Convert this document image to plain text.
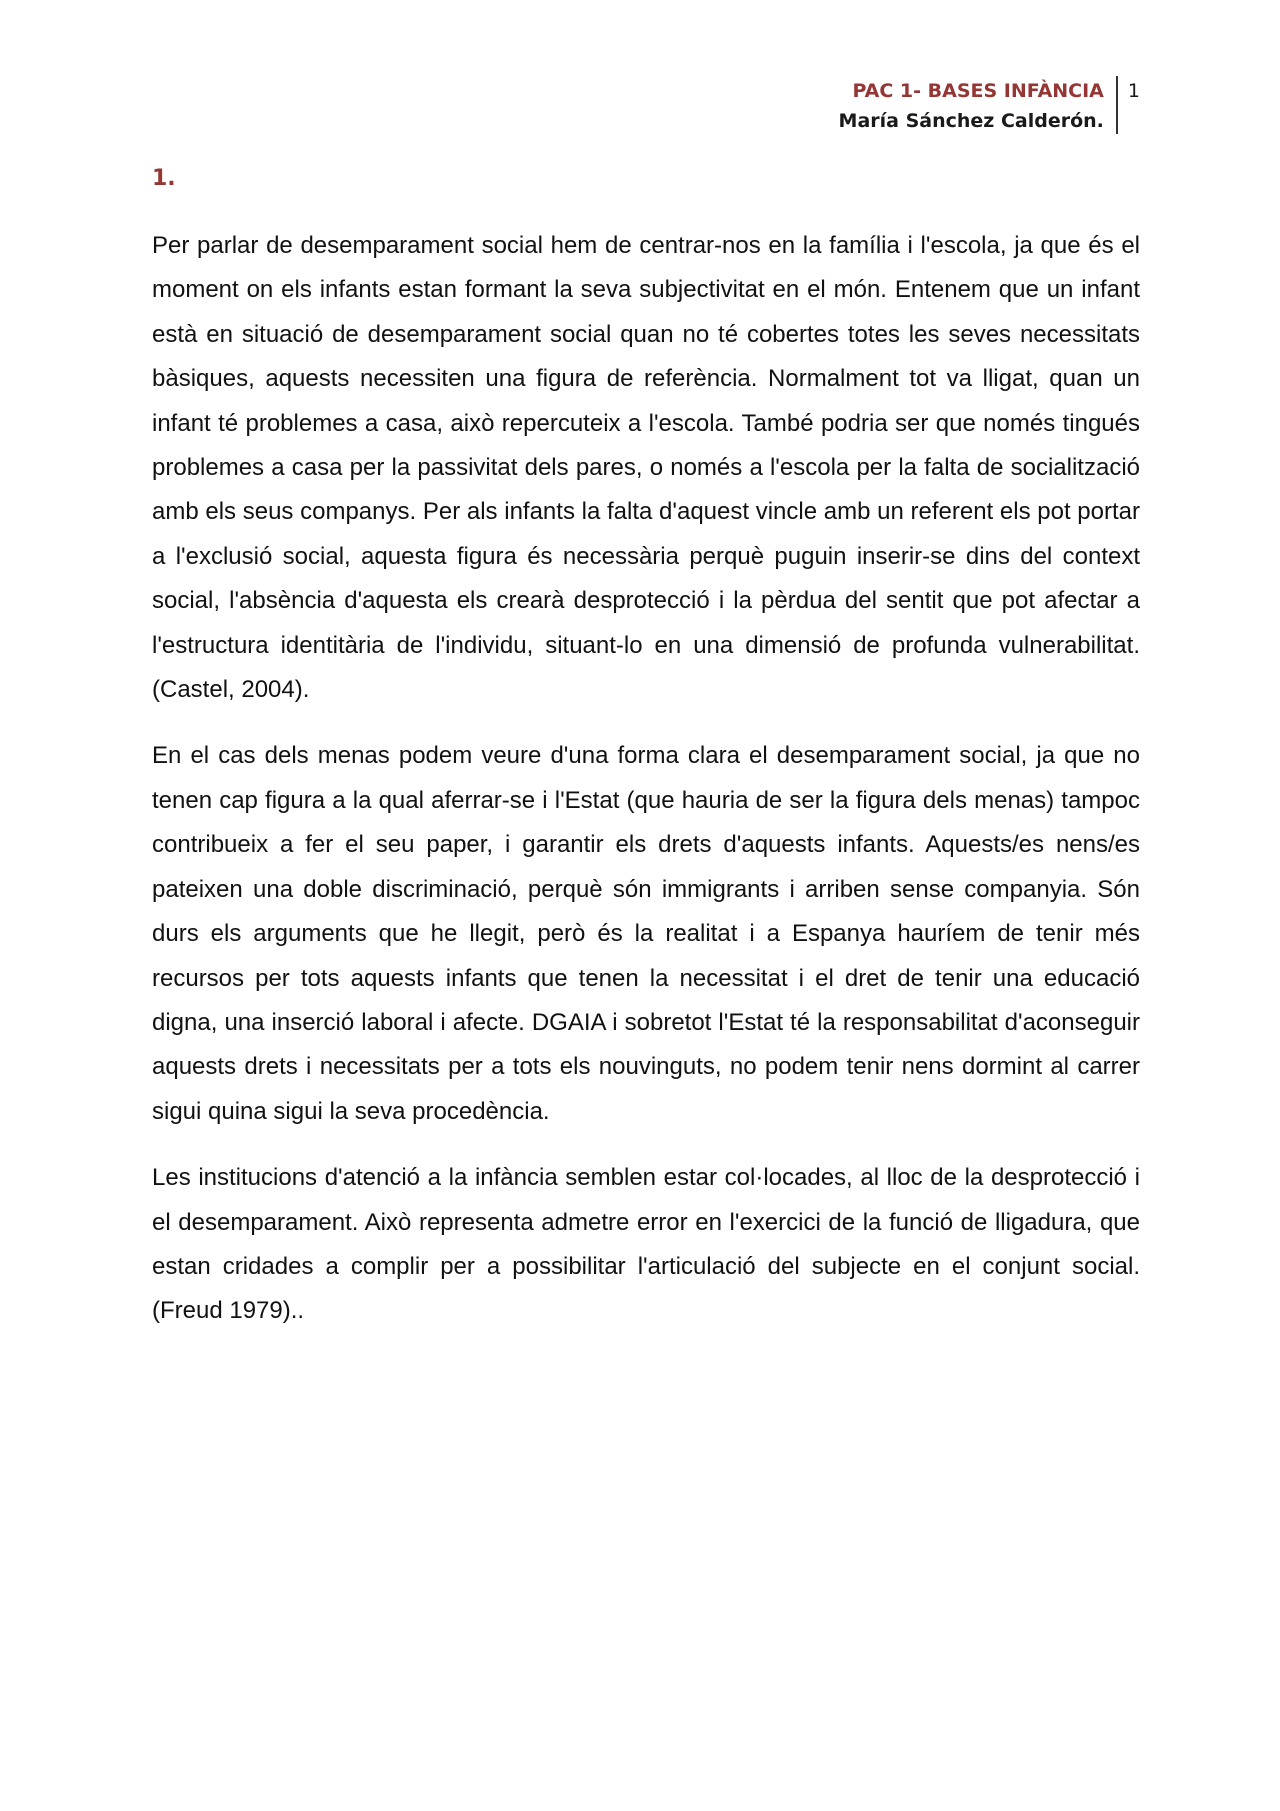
PAC 1- BASES INFÀNCIA
María Sánchez Calderón.
1
1.

Per parlar de desemparament social hem de centrar-nos en la família i l'escola, ja que és el moment on els infants estan formant la seva subjectivitat en el món. Entenem que un infant està en situació de desemparament social quan no té cobertes totes les seves necessitats bàsiques, aquests necessiten una figura de referència. Normalment tot va lligat, quan un infant té problemes a casa, això repercuteix a l'escola. També podria ser que només tingués problemes a casa per la passivitat dels pares, o només a l'escola per la falta de socialització amb els seus companys. Per als infants la falta d'aquest vincle amb un referent els pot portar a l'exclusió social, aquesta figura és necessària perquè puguin inserir-se dins del context social, l'absència d'aquesta els crearà desprotecció i la pèrdua del sentit que pot afectar a l'estructura identitària de l'individu, situant-lo en una dimensió de profunda vulnerabilitat. (Castel, 2004).

En el cas dels menas podem veure d'una forma clara el desemparament social, ja que no tenen cap figura a la qual aferrar-se i l'Estat (que hauria de ser la figura dels menas) tampoc contribueix a fer el seu paper, i garantir els drets d'aquests infants. Aquests/es nens/es pateixen una doble discriminació, perquè són immigrants i arriben sense companyia. Són durs els arguments que he llegit, però és la realitat i a Espanya hauríem de tenir més recursos per tots aquests infants que tenen la necessitat i el dret de tenir una educació digna, una inserció laboral i afecte. DGAIA i sobretot l'Estat té la responsabilitat d'aconseguir aquests drets i necessitats per a tots els nouvinguts, no podem tenir nens dormint al carrer sigui quina sigui la seva procedència.

Les institucions d'atenció a la infància semblen estar col·locades, al lloc de la desprotecció i el desemparament. Això representa admetre error en l'exercici de la funció de lligadura, que estan cridades a complir per a possibilitar l'articulació del subjecte en el conjunt social. (Freud 1979)..
